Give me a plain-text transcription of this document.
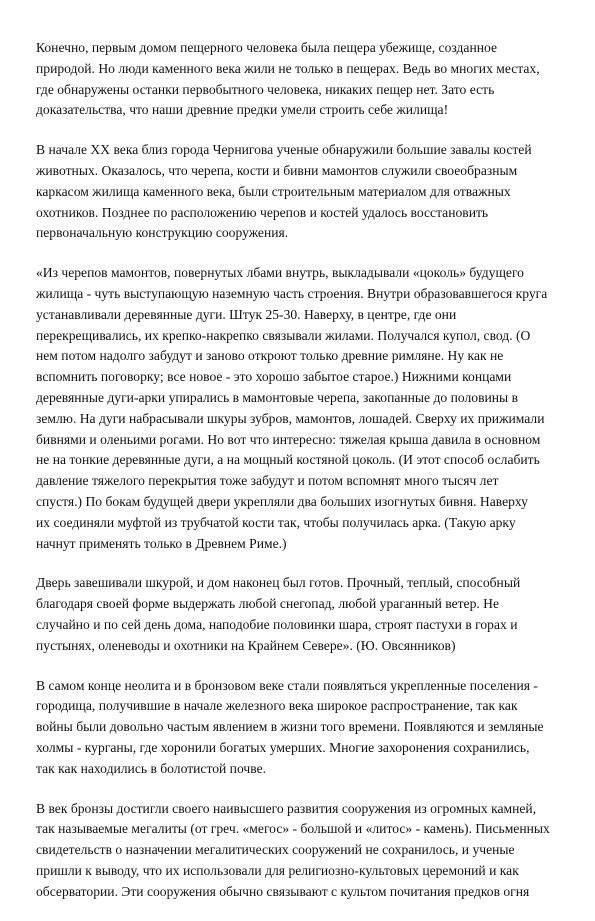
Конечно, первым домом пещерного человека была пещера убежище, созданное
природой. Но люди каменного века жили не только в пещерах. Ведь во многих местах,
где обнаружены останки первобытного человека, никаких пещер нет. Зато есть
доказательства, что наши древние предки умели строить себе жилища!

В начале XX века близ города Чернигова ученые обнаружили большие завалы костей
животных. Оказалось, что черепа, кости и бивни мамонтов служили своеобразным
каркасом жилища каменного века, были строительным материалом для отважных
охотников. Позднее по расположению черепов и костей удалось восстановить
первоначальную конструкцию сооружения.

«Из черепов мамонтов, повернутых лбами внутрь, выкладывали «цоколь» будущего
жилища - чуть выступающую наземную часть строения. Внутри образовавшегося круга
устанавливали деревянные дуги. Штук 25-30. Наверху, в центре, где они
перекрещивались, их крепко-накрепко связывали жилами. Получался купол, свод. (О
нем потом надолго забудут и заново откроют только древние римляне. Ну как не
вспомнить поговорку; все новое - это хорошо забытое старое.) Нижними концами
деревянные дуги-арки упирались в мамонтовые черепа, закопанные до половины в
землю. На дуги набрасывали шкуры зубров, мамонтов, лошадей. Сверху их прижимали
бивнями и оленьими рогами. Но вот что интересно: тяжелая крыша давила в основном
не на тонкие деревянные дуги, а на мощный костяной цоколь. (И этот способ ослабить
давление тяжелого перекрытия тоже забудут и потом вспомнят много тысяч лет
спустя.) По бокам будущей двери укрепляли два больших изогнутых бивня. Наверху
их соединяли муфтой из трубчатой кости так, чтобы получилась арка. (Такую арку
начнут применять только в Древнем Риме.)

Дверь завешивали шкурой, и дом наконец был готов. Прочный, теплый, способный
благодаря своей форме выдержать любой снегопад, любой ураганный ветер. Не
случайно и по сей день дома, наподобие половинки шара, строят пастухи в горах и
пустынях, оленеводы и охотники на Крайнем Севере». (Ю. Овсянников)

В самом конце неолита и в бронзовом веке стали появляться укрепленные поселения -
городища, получившие в начале железного века широкое распространение, так как
войны были довольно частым явлением в жизни того времени. Появляются и земляные
холмы - курганы, где хоронили богатых умерших. Многие захоронения сохранились,
так как находились в болотистой почве.

В век бронзы достигли своего наивысшего развития сооружения из огромных камней,
так называемые мегалиты (от греч. «мегос» - большой и «литос» - камень). Письменных
свидетельств о назначении мегалитических сооружений не сохранилось, и ученые
пришли к выводу, что их использовали для религиозно-культовых церемоний и как
обсерватории. Эти сооружения обычно связывают с культом почитания предков огня
